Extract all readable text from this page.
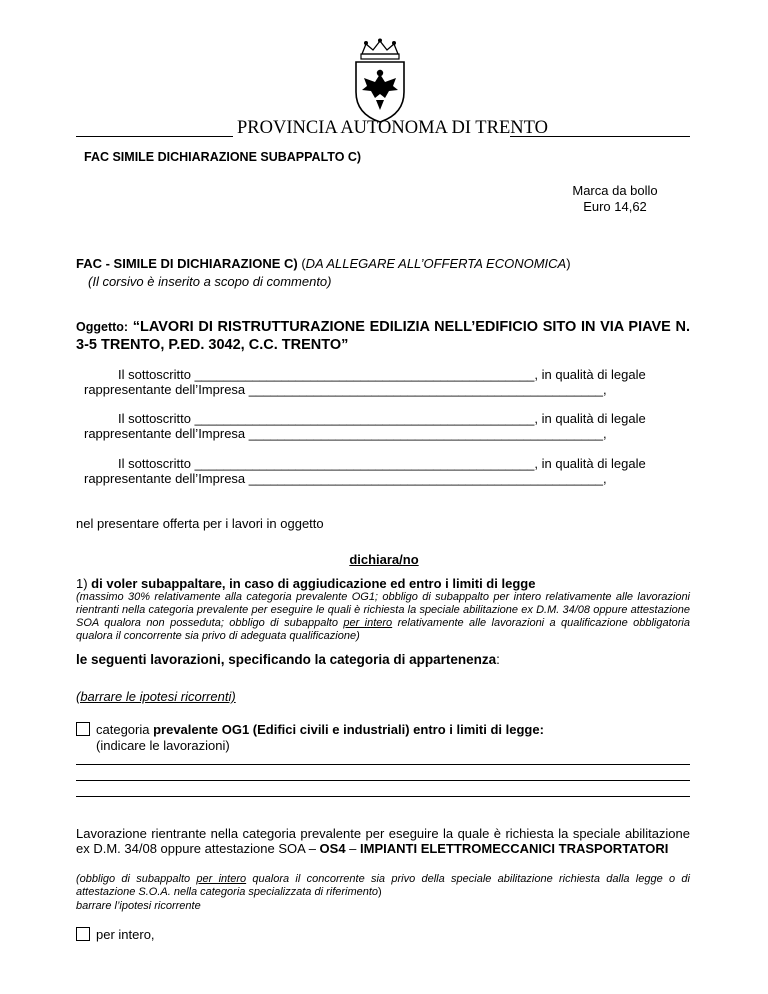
PROVINCIA AUTONOMA DI TRENTO
FAC SIMILE DICHIARAZIONE SUBAPPALTO C)
Marca da bollo
Euro 14,62
FAC - SIMILE DI DICHIARAZIONE C) (DA ALLEGARE ALL’OFFERTA ECONOMICA)
(Il corsivo è inserito a scopo di commento)
Oggetto: “LAVORI DI RISTRUTTURAZIONE EDILIZIA NELL’EDIFICIO SITO IN VIA PIAVE N. 3-5 TRENTO, P.ED. 3042, C.C. TRENTO”
Il sottoscritto _______________________________________________, in qualità di legale
rappresentante dell’Impresa _________________________________________________,
Il sottoscritto _______________________________________________, in qualità di legale
rappresentante dell’Impresa _________________________________________________,
Il sottoscritto _______________________________________________, in qualità di legale
rappresentante dell’Impresa _________________________________________________,
nel presentare offerta per i lavori in oggetto
dichiara/no
1) di voler subappaltare, in caso di aggiudicazione ed entro i limiti di legge
(massimo 30% relativamente alla categoria prevalente OG1; obbligo di subappalto per intero relativamente alle lavorazioni rientranti nella categoria prevalente per eseguire le quali è richiesta la speciale abilitazione ex D.M. 34/08 oppure attestazione SOA qualora non posseduta; obbligo di subappalto per intero relativamente alle lavorazioni a qualificazione obbligatoria qualora il concorrente sia privo di adeguata qualificazione)
le seguenti lavorazioni, specificando la categoria di appartenenza:
(barrare le ipotesi ricorrenti)
categoria prevalente OG1 (Edifici civili e industriali) entro i limiti di legge:
(indicare le lavorazioni)
Lavorazione rientrante nella categoria prevalente per eseguire la quale è richiesta la speciale abilitazione ex D.M. 34/08 oppure attestazione SOA – OS4 – IMPIANTI ELETTROMECCANICI TRASPORTATORI
(obbligo di subappalto per intero qualora il concorrente sia privo della speciale abilitazione richiesta dalla legge o di attestazione S.O.A. nella categoria specializzata di riferimento)
barrare l’ipotesi ricorrente
per intero,
